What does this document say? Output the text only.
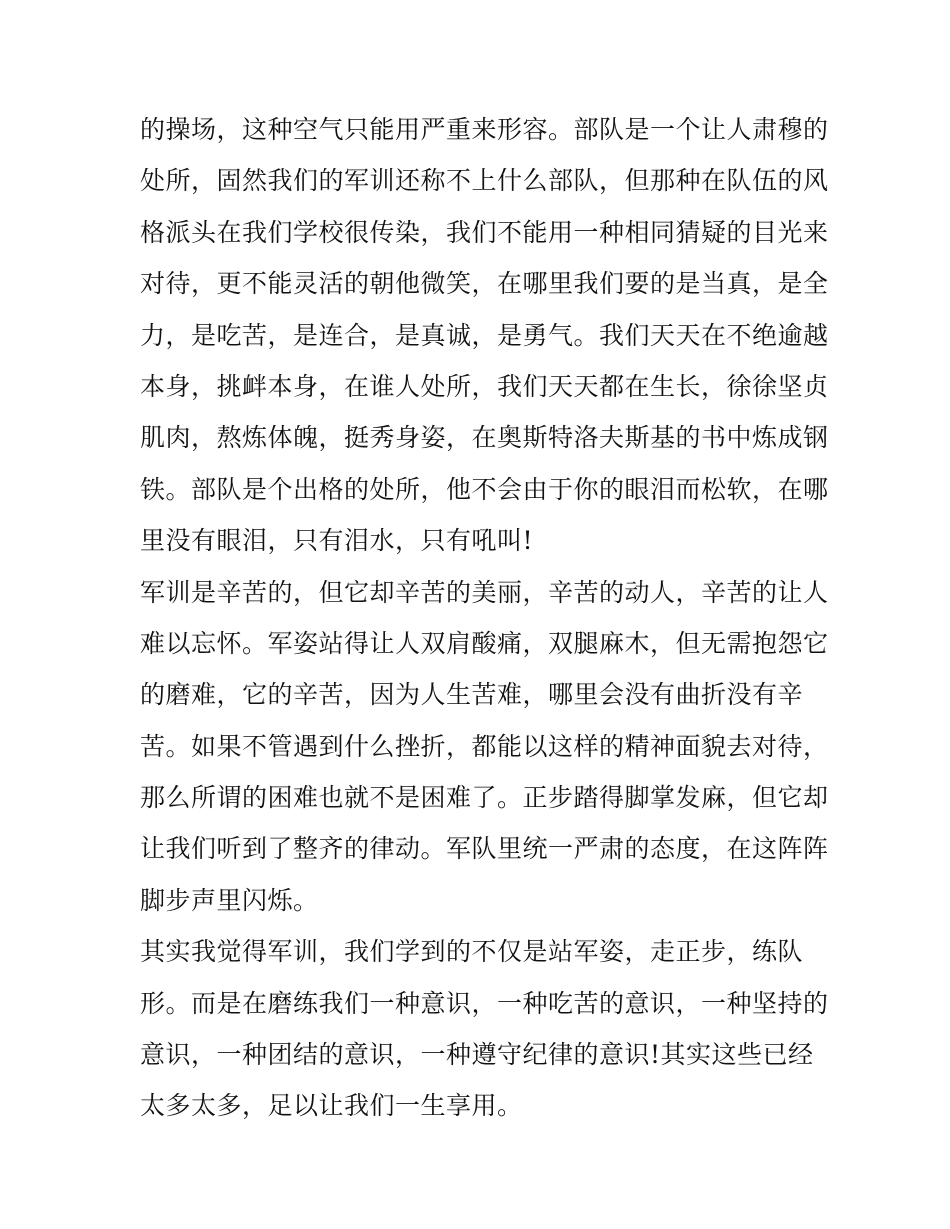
的操场，这种空气只能用严重来形容。部队是一个让人肃穆的
处所，固然我们的军训还称不上什么部队，但那种在队伍的风
格派头在我们学校很传染，我们不能用一种相同猜疑的目光来
对待，更不能灵活的朝他微笑，在哪里我们要的是当真，是全
力，是吃苦，是连合，是真诚，是勇气。我们天天在不绝逾越
本身，挑衅本身，在谁人处所，我们天天都在生长，徐徐坚贞
肌肉，熬炼体魄，挺秀身姿，在奥斯特洛夫斯基的书中炼成钢
铁。部队是个出格的处所，他不会由于你的眼泪而松软，在哪
里没有眼泪，只有泪水，只有吼叫!
军训是辛苦的，但它却辛苦的美丽，辛苦的动人，辛苦的让人
难以忘怀。军姿站得让人双肩酸痛，双腿麻木，但无需抱怨它
的磨难，它的辛苦，因为人生苦难，哪里会没有曲折没有辛
苦。如果不管遇到什么挫折，都能以这样的精神面貌去对待，
那么所谓的困难也就不是困难了。正步踏得脚掌发麻，但它却
让我们听到了整齐的律动。军队里统一严肃的态度，在这阵阵
脚步声里闪烁。
其实我觉得军训，我们学到的不仅是站军姿，走正步，练队
形。而是在磨练我们一种意识，一种吃苦的意识，一种坚持的
意识，一种团结的意识，一种遵守纪律的意识!其实这些已经
太多太多，足以让我们一生享用。
